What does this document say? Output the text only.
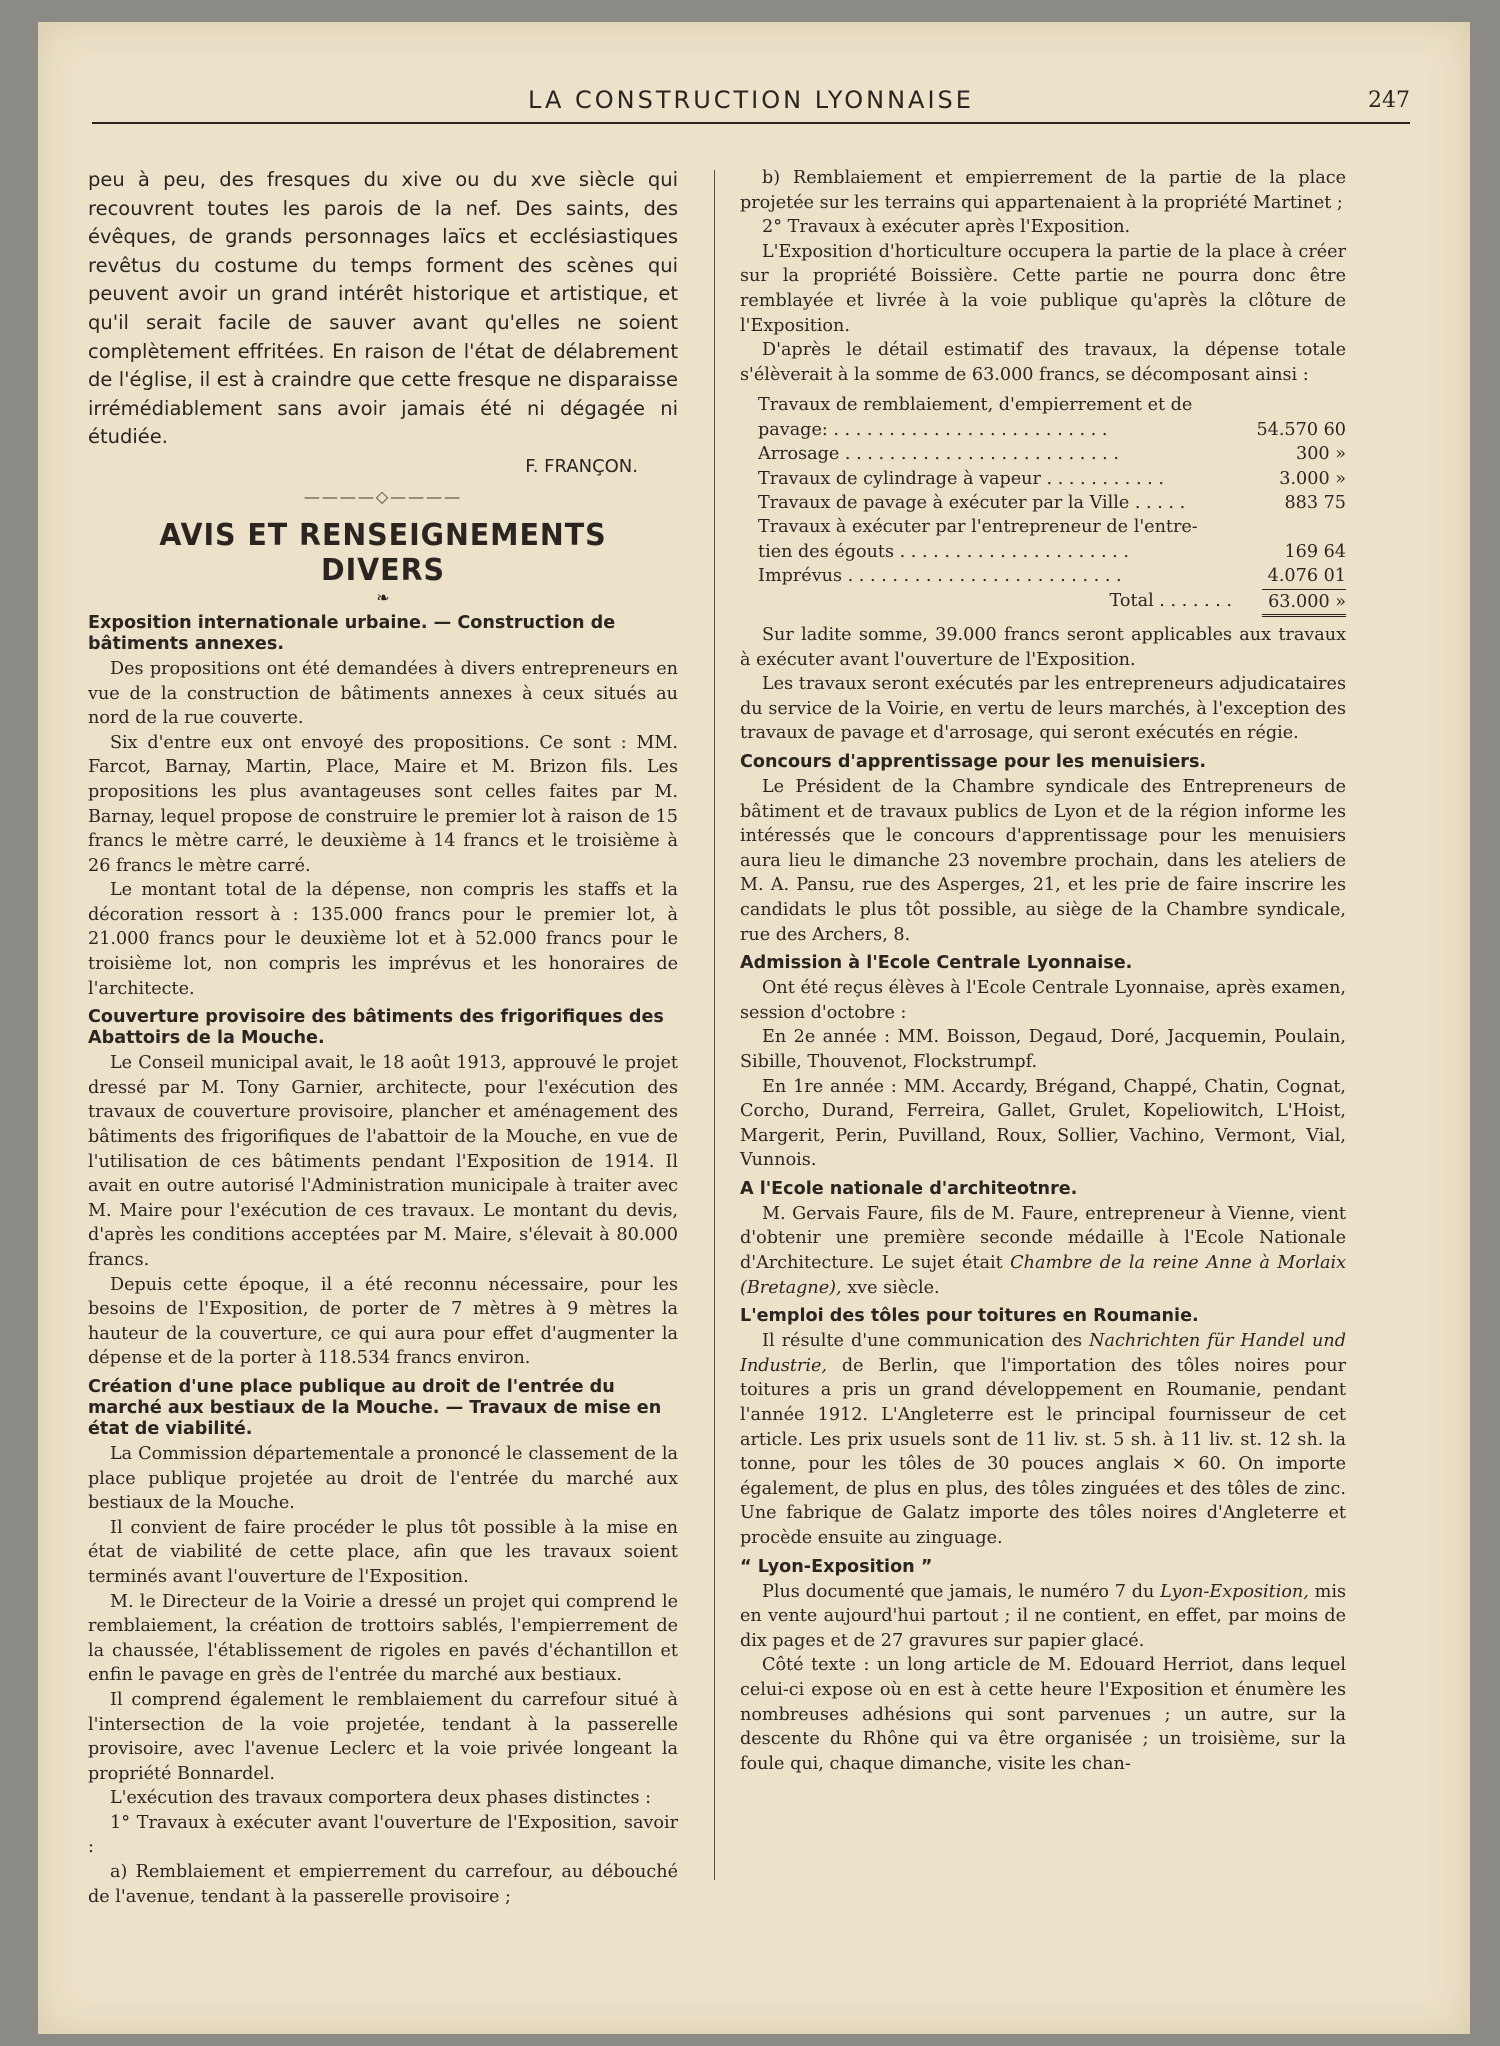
LA CONSTRUCTION LYONNAISE	247

peu à peu, des fresques du xive ou du xve siècle qui recouvrent toutes les parois de la nef. Des saints, des évêques, de grands personnages laïcs et ecclésiastiques revêtus du costume du temps forment des scènes qui peuvent avoir un grand intérêt historique et artistique, et qu'il serait facile de sauver avant qu'elles ne soient complètement effritées. En raison de l'état de délabrement de l'église, il est à craindre que cette fresque ne disparaisse irrémédiablement sans avoir jamais été ni dégagée ni étudiée.

F. FRANÇON.
————◇————
AVIS ET RENSEIGNEMENTS DIVERS
❧
Exposition internationale urbaine. — Construction de bâtiments annexes.

Des propositions ont été demandées à divers entrepreneurs en vue de la construction de bâtiments annexes à ceux situés au nord de la rue couverte.

Six d'entre eux ont envoyé des propositions. Ce sont : MM. Farcot, Barnay, Martin, Place, Maire et M. Brizon fils. Les propositions les plus avantageuses sont celles faites par M. Barnay, lequel propose de construire le premier lot à raison de 15 francs le mètre carré, le deuxième à 14 francs et le troisième à 26 francs le mètre carré.

Le montant total de la dépense, non compris les staffs et la décoration ressort à : 135.000 francs pour le premier lot, à 21.000 francs pour le deuxième lot et à 52.000 francs pour le troisième lot, non compris les imprévus et les honoraires de l'architecte.

Couverture provisoire des bâtiments des frigorifiques des Abattoirs de la Mouche.

Le Conseil municipal avait, le 18 août 1913, approuvé le projet dressé par M. Tony Garnier, architecte, pour l'exécution des travaux de couverture provisoire, plancher et aménagement des bâtiments des frigorifiques de l'abattoir de la Mouche, en vue de l'utilisation de ces bâtiments pendant l'Exposition de 1914. Il avait en outre autorisé l'Administration municipale à traiter avec M. Maire pour l'exécution de ces travaux. Le montant du devis, d'après les conditions acceptées par M. Maire, s'élevait à 80.000 francs.

Depuis cette époque, il a été reconnu nécessaire, pour les besoins de l'Exposition, de porter de 7 mètres à 9 mètres la hauteur de la couverture, ce qui aura pour effet d'augmenter la dépense et de la porter à 118.534 francs environ.

Création d'une place publique au droit de l'entrée du marché aux bestiaux de la Mouche. — Travaux de mise en état de viabilité.

La Commission départementale a prononcé le classement de la place publique projetée au droit de l'entrée du marché aux bestiaux de la Mouche.

Il convient de faire procéder le plus tôt possible à la mise en état de viabilité de cette place, afin que les travaux soient terminés avant l'ouverture de l'Exposition.

M. le Directeur de la Voirie a dressé un projet qui comprend le remblaiement, la création de trottoirs sablés, l'empierrement de la chaussée, l'établissement de rigoles en pavés d'échantillon et enfin le pavage en grès de l'entrée du marché aux bestiaux.

Il comprend également le remblaiement du carrefour situé à l'intersection de la voie projetée, tendant à la passerelle provisoire, avec l'avenue Leclerc et la voie privée longeant la propriété Bonnardel.

L'exécution des travaux comportera deux phases distinctes :

1° Travaux à exécuter avant l'ouverture de l'Exposition, savoir :

a) Remblaiement et empierrement du carrefour, au débouché de l'avenue, tendant à la passerelle provisoire ;

b) Remblaiement et empierrement de la partie de la place projetée sur les terrains qui appartenaient à la propriété Martinet ;

2° Travaux à exécuter après l'Exposition.

L'Exposition d'horticulture occupera la partie de la place à créer sur la propriété Boissière. Cette partie ne pourra donc être remblayée et livrée à la voie publique qu'après la clôture de l'Exposition.

D'après le détail estimatif des travaux, la dépense totale s'élèverait à la somme de 63.000 francs, se décomposant ainsi :

Travaux de remblaiement, d'empierrement et de
pavage: . . . . . . . . . . . . . . . . . . . . . . . . .	54.570 60
Arrosage . . . . . . . . . . . . . . . . . . . . . . . . .	300 »
Travaux de cylindrage à vapeur . . . . . . . . . . .	3.000 »
Travaux de pavage à exécuter par la Ville . . . . .	883 75
Travaux à exécuter par l'entrepreneur de l'entre-
tien des égouts . . . . . . . . . . . . . . . . . . . . .	169 64
Imprévus . . . . . . . . . . . . . . . . . . . . . . . . .	4.076 01
Total . . . . . . .	63.000 »

Sur ladite somme, 39.000 francs seront applicables aux travaux à exécuter avant l'ouverture de l'Exposition.

Les travaux seront exécutés par les entrepreneurs adjudicataires du service de la Voirie, en vertu de leurs marchés, à l'exception des travaux de pavage et d'arrosage, qui seront exécutés en régie.

Concours d'apprentissage pour les menuisiers.

Le Président de la Chambre syndicale des Entrepreneurs de bâtiment et de travaux publics de Lyon et de la région informe les intéressés que le concours d'apprentissage pour les menuisiers aura lieu le dimanche 23 novembre prochain, dans les ateliers de M. A. Pansu, rue des Asperges, 21, et les prie de faire inscrire les candidats le plus tôt possible, au siège de la Chambre syndicale, rue des Archers, 8.

Admission à l'Ecole Centrale Lyonnaise.

Ont été reçus élèves à l'Ecole Centrale Lyonnaise, après examen, session d'octobre :

En 2e année : MM. Boisson, Degaud, Doré, Jacquemin, Poulain, Sibille, Thouvenot, Flockstrumpf.

En 1re année : MM. Accardy, Brégand, Chappé, Chatin, Cognat, Corcho, Durand, Ferreira, Gallet, Grulet, Kopeliowitch, L'Hoist, Margerit, Perin, Puvilland, Roux, Sollier, Vachino, Vermont, Vial, Vunnois.

A l'Ecole nationale d'architeotnre.

M. Gervais Faure, fils de M. Faure, entrepreneur à Vienne, vient d'obtenir une première seconde médaille à l'Ecole Nationale d'Architecture. Le sujet était Chambre de la reine Anne à Morlaix (Bretagne), xve siècle.

L'emploi des tôles pour toitures en Roumanie.

Il résulte d'une communication des Nachrichten für Handel und Industrie, de Berlin, que l'importation des tôles noires pour toitures a pris un grand développement en Roumanie, pendant l'année 1912. L'Angleterre est le principal fournisseur de cet article. Les prix usuels sont de 11 liv. st. 5 sh. à 11 liv. st. 12 sh. la tonne, pour les tôles de 30 pouces anglais × 60. On importe également, de plus en plus, des tôles zinguées et des tôles de zinc. Une fabrique de Galatz importe des tôles noires d'Angleterre et procède ensuite au zinguage.

“ Lyon-Exposition ”

Plus documenté que jamais, le numéro 7 du Lyon-Exposition, mis en vente aujourd'hui partout ; il ne contient, en effet, par moins de dix pages et de 27 gravures sur papier glacé.

Côté texte : un long article de M. Edouard Herriot, dans lequel celui-ci expose où en est à cette heure l'Exposition et énumère les nombreuses adhésions qui sont parvenues ; un autre, sur la descente du Rhône qui va être organisée ; un troisième, sur la foule qui, chaque dimanche, visite les chan-
